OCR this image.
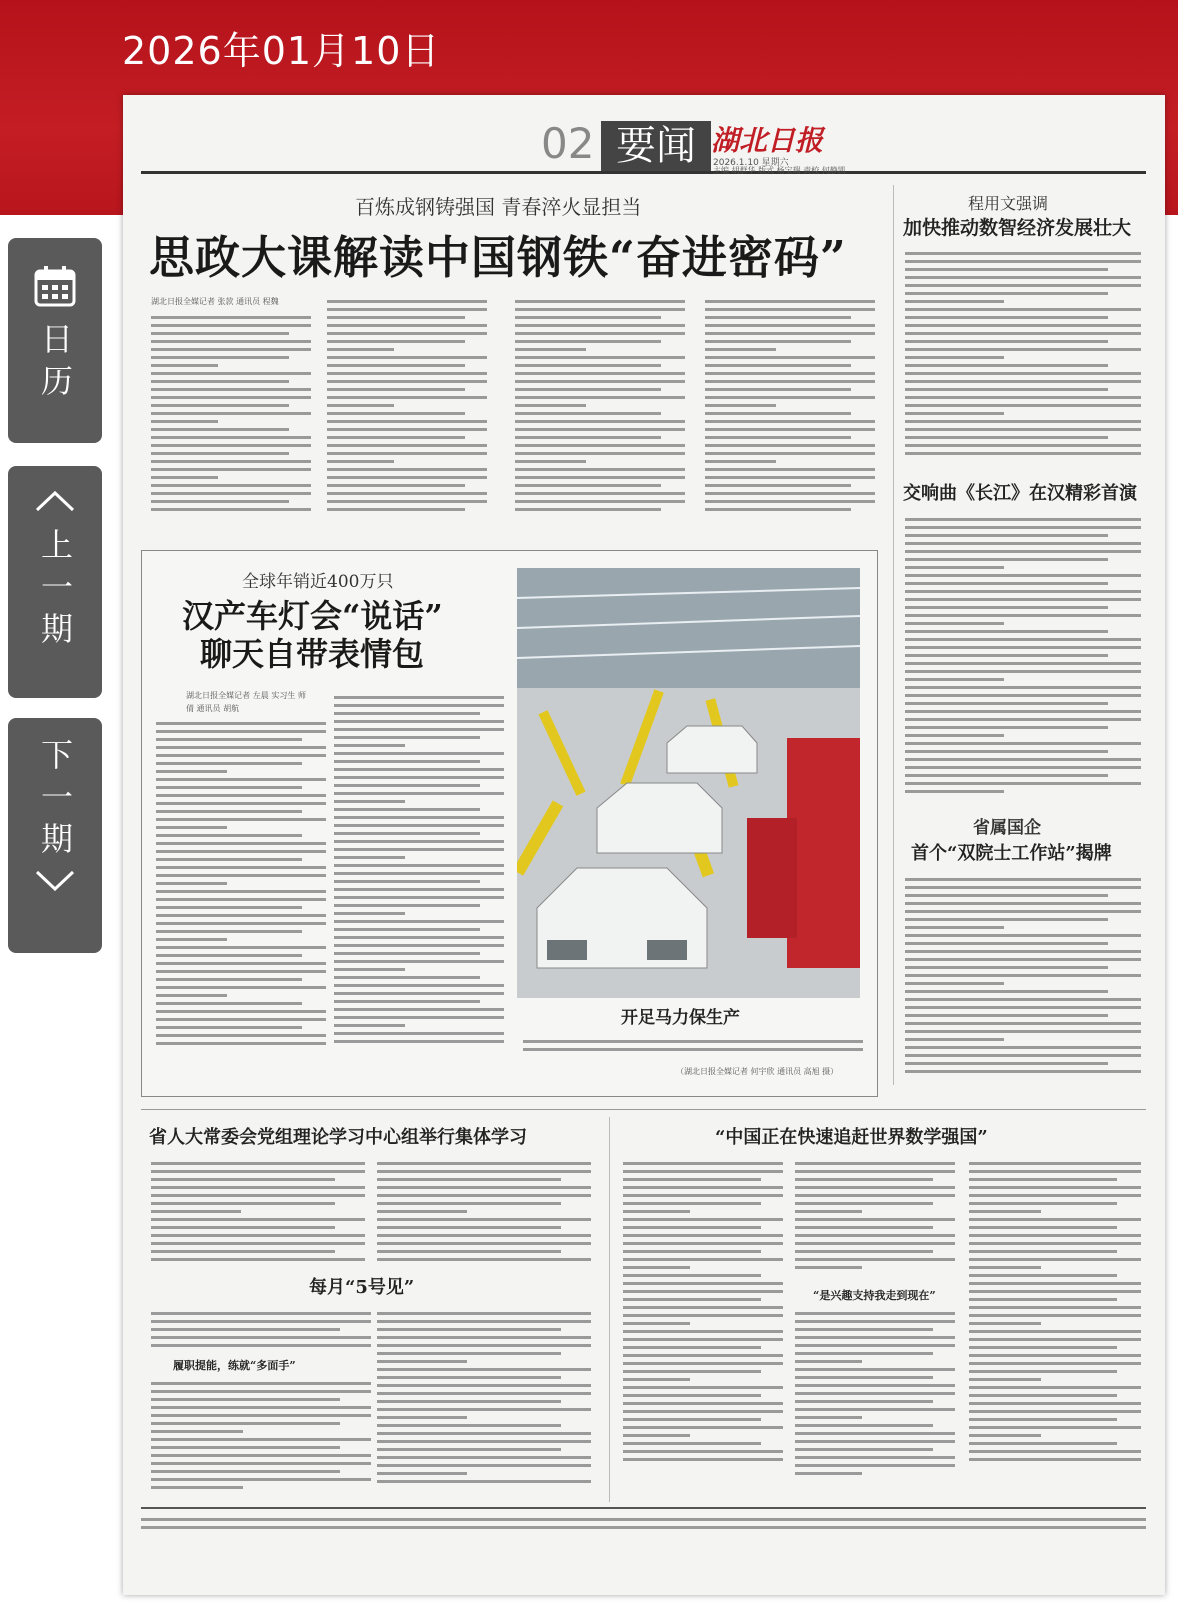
2026年01月10日
日历
上一期
下一期
02 要闻 湖北日报
2026.1.10 星期六
主编 胡群华 版式 杨宝瑞 责校 何静凯
百炼成钢铸强国 青春淬火显担当
思政大课解读中国钢铁“奋进密码”
湖北日报全媒记者 张款 通讯员 程魏
程用文强调
加快推动数智经济发展壮大
交响曲《长江》在汉精彩首演
省属国企
首个“双院士工作站”揭牌
全球年销近400万只
汉产车灯会“说话”
聊天自带表情包
湖北日报全媒记者 左晨 实习生 师倩 通讯员 胡航
开足马力保生产
（湖北日报全媒记者 何宇欣 通讯员 高旭 摄）
省人大常委会党组理论学习中心组举行集体学习
每月“5号见”
履职提能，练就“多面手”
“中国正在快速追赶世界数学强国”
“是兴趣支持我走到现在”
